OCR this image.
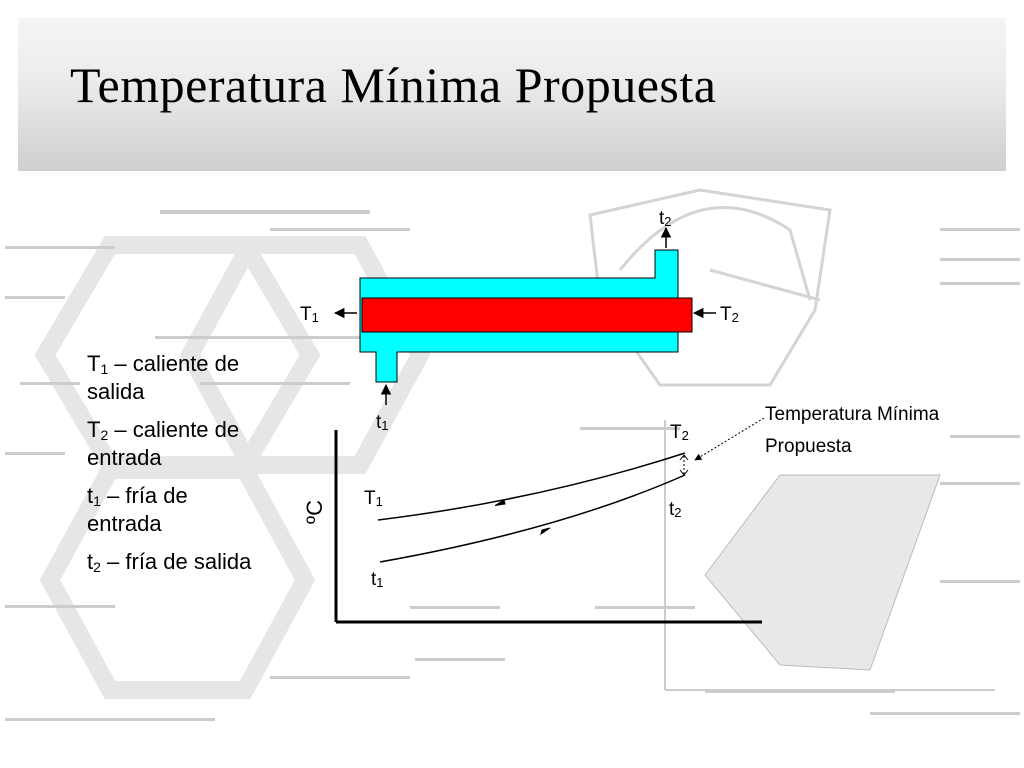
Temperatura Mínima Propuesta
$T_1$ – caliente de salida
$T_2$ – caliente de entrada
$t_1$ – fría de entrada
$t_2$ – fría de salida
T1	T2
t2
t1
ºC
T1
T2
t1
t2
Temperatura Mínima
Propuesta
